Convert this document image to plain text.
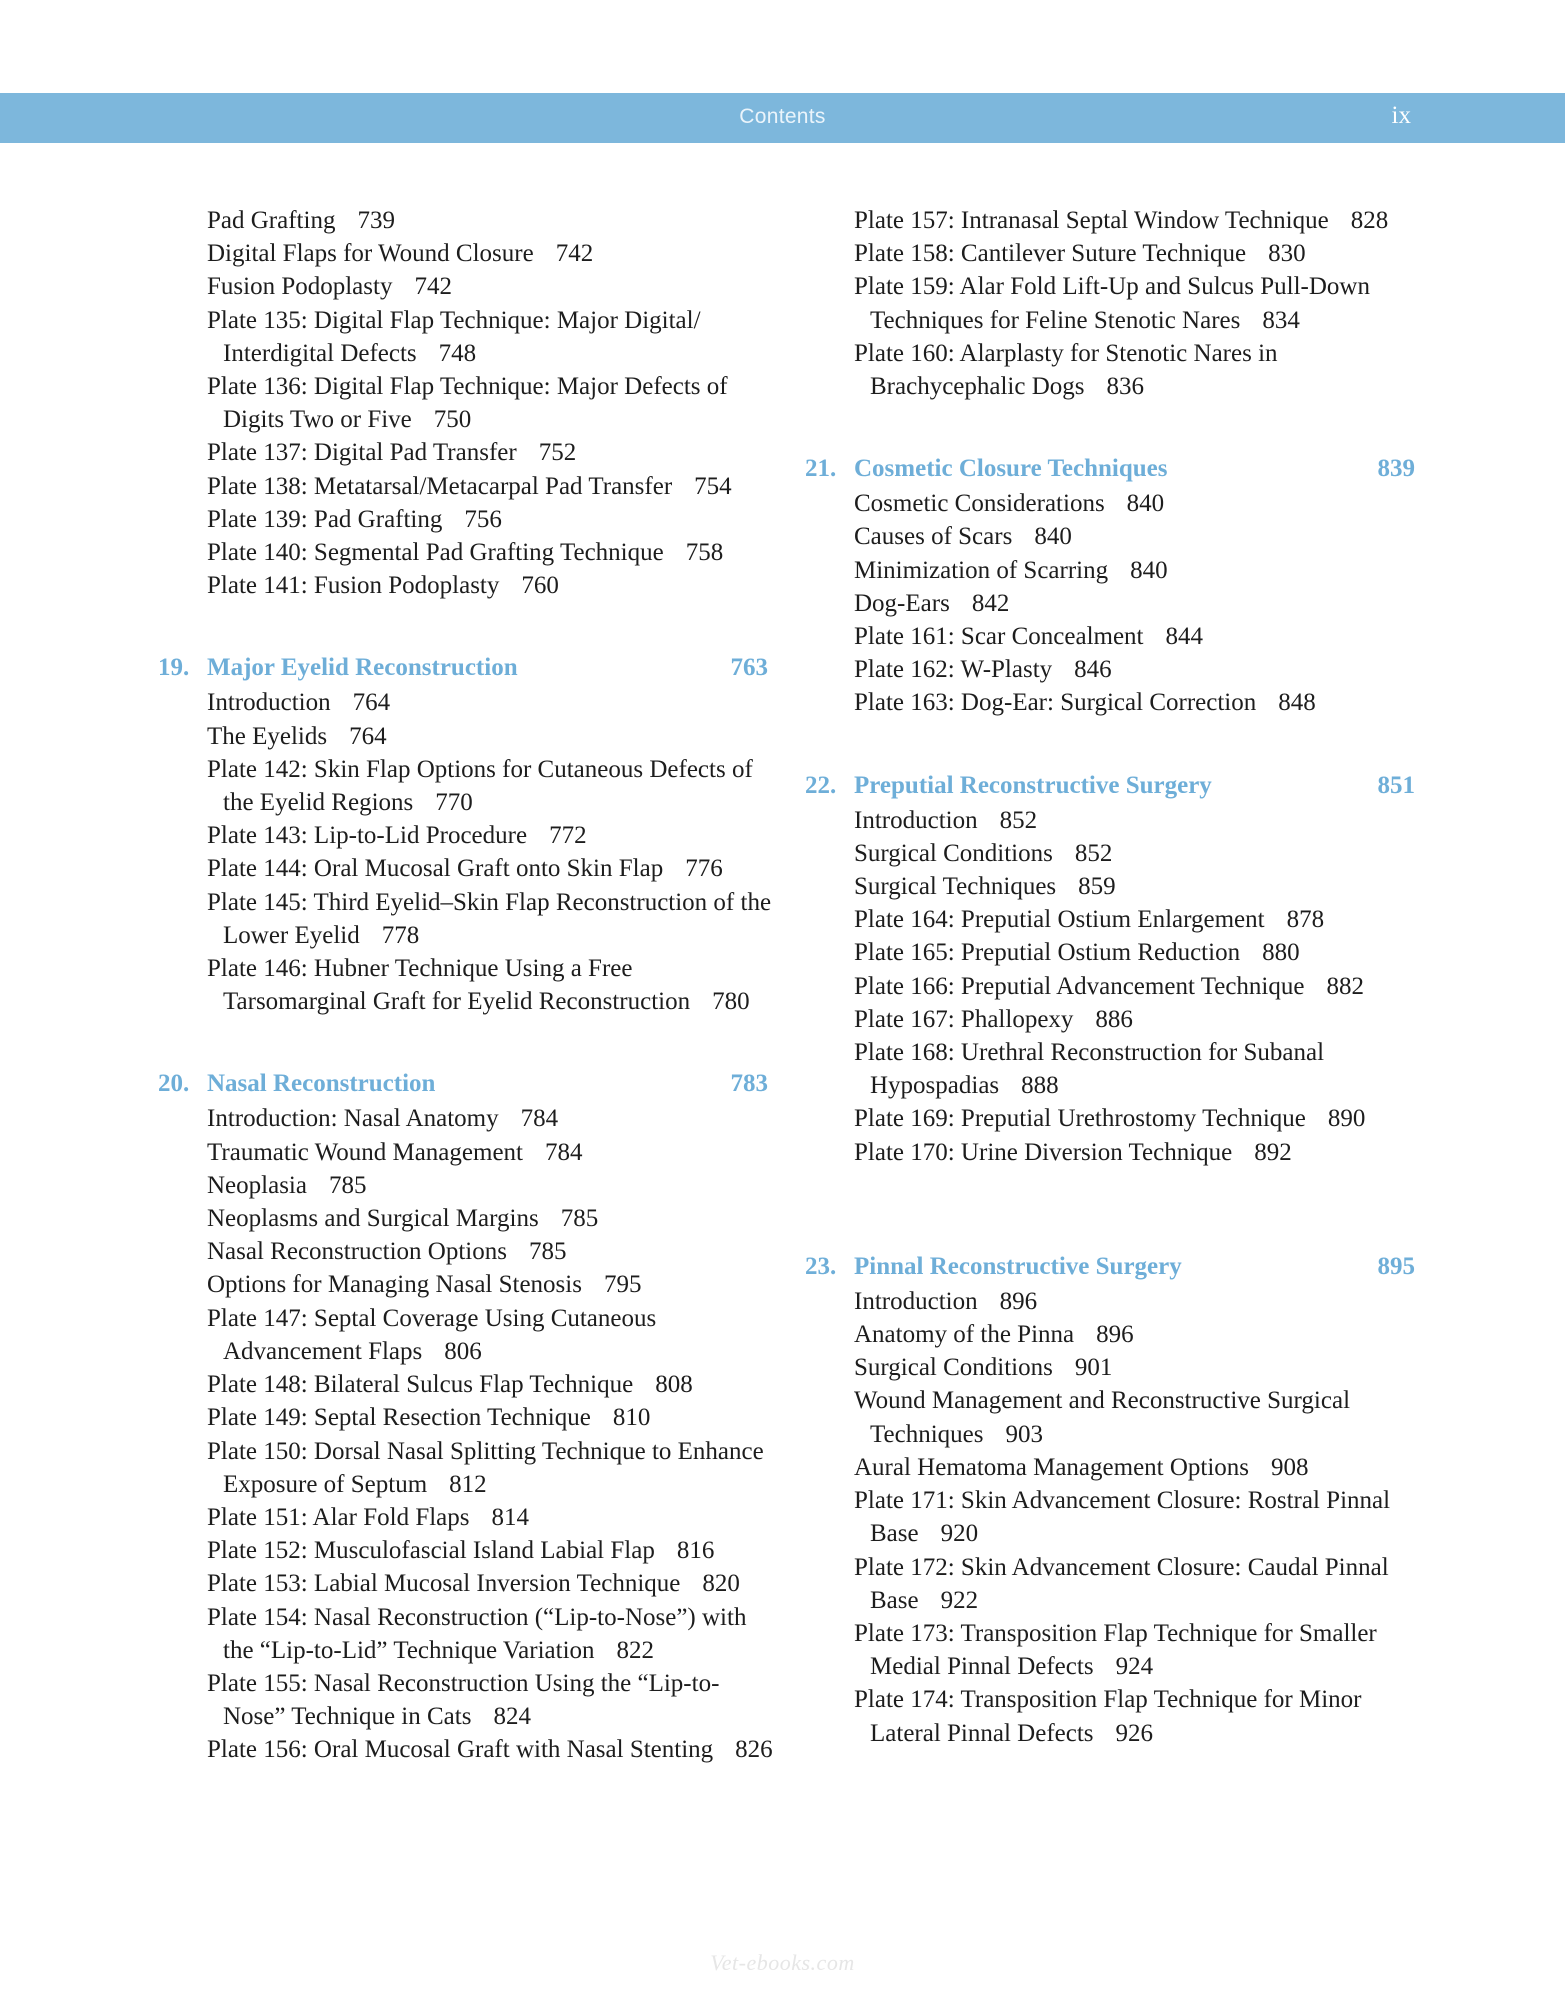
Contents	ix
Pad Grafting 739
Digital Flaps for Wound Closure 742
Fusion Podoplasty 742
Plate 135: Digital Flap Technique: Major Digital/ Interdigital Defects 748
Plate 136: Digital Flap Technique: Major Defects of Digits Two or Five 750
Plate 137: Digital Pad Transfer 752
Plate 138: Metatarsal/Metacarpal Pad Transfer 754
Plate 139: Pad Grafting 756
Plate 140: Segmental Pad Grafting Technique 758
Plate 141: Fusion Podoplasty 760
19. Major Eyelid Reconstruction	763
Introduction 764
The Eyelids 764
Plate 142: Skin Flap Options for Cutaneous Defects of the Eyelid Regions 770
Plate 143: Lip-to-Lid Procedure 772
Plate 144: Oral Mucosal Graft onto Skin Flap 776
Plate 145: Third Eyelid–Skin Flap Reconstruction of the Lower Eyelid 778
Plate 146: Hubner Technique Using a Free Tarsomarginal Graft for Eyelid Reconstruction 780
20. Nasal Reconstruction	783
Introduction: Nasal Anatomy 784
Traumatic Wound Management 784
Neoplasia 785
Neoplasms and Surgical Margins 785
Nasal Reconstruction Options 785
Options for Managing Nasal Stenosis 795
Plate 147: Septal Coverage Using Cutaneous Advancement Flaps 806
Plate 148: Bilateral Sulcus Flap Technique 808
Plate 149: Septal Resection Technique 810
Plate 150: Dorsal Nasal Splitting Technique to Enhance Exposure of Septum 812
Plate 151: Alar Fold Flaps 814
Plate 152: Musculofascial Island Labial Flap 816
Plate 153: Labial Mucosal Inversion Technique 820
Plate 154: Nasal Reconstruction (“Lip-to-Nose”) with the “Lip-to-Lid” Technique Variation 822
Plate 155: Nasal Reconstruction Using the “Lip-to-Nose” Technique in Cats 824
Plate 156: Oral Mucosal Graft with Nasal Stenting 826
Plate 157: Intranasal Septal Window Technique 828
Plate 158: Cantilever Suture Technique 830
Plate 159: Alar Fold Lift-Up and Sulcus Pull-Down Techniques for Feline Stenotic Nares 834
Plate 160: Alarplasty for Stenotic Nares in Brachycephalic Dogs 836
21. Cosmetic Closure Techniques	839
Cosmetic Considerations 840
Causes of Scars 840
Minimization of Scarring 840
Dog-Ears 842
Plate 161: Scar Concealment 844
Plate 162: W-Plasty 846
Plate 163: Dog-Ear: Surgical Correction 848
22. Preputial Reconstructive Surgery	851
Introduction 852
Surgical Conditions 852
Surgical Techniques 859
Plate 164: Preputial Ostium Enlargement 878
Plate 165: Preputial Ostium Reduction 880
Plate 166: Preputial Advancement Technique 882
Plate 167: Phallopexy 886
Plate 168: Urethral Reconstruction for Subanal Hypospadias 888
Plate 169: Preputial Urethrostomy Technique 890
Plate 170: Urine Diversion Technique 892
23. Pinnal Reconstructive Surgery	895
Introduction 896
Anatomy of the Pinna 896
Surgical Conditions 901
Wound Management and Reconstructive Surgical Techniques 903
Aural Hematoma Management Options 908
Plate 171: Skin Advancement Closure: Rostral Pinnal Base 920
Plate 172: Skin Advancement Closure: Caudal Pinnal Base 922
Plate 173: Transposition Flap Technique for Smaller Medial Pinnal Defects 924
Plate 174: Transposition Flap Technique for Minor Lateral Pinnal Defects 926
Vet-ebooks.com
